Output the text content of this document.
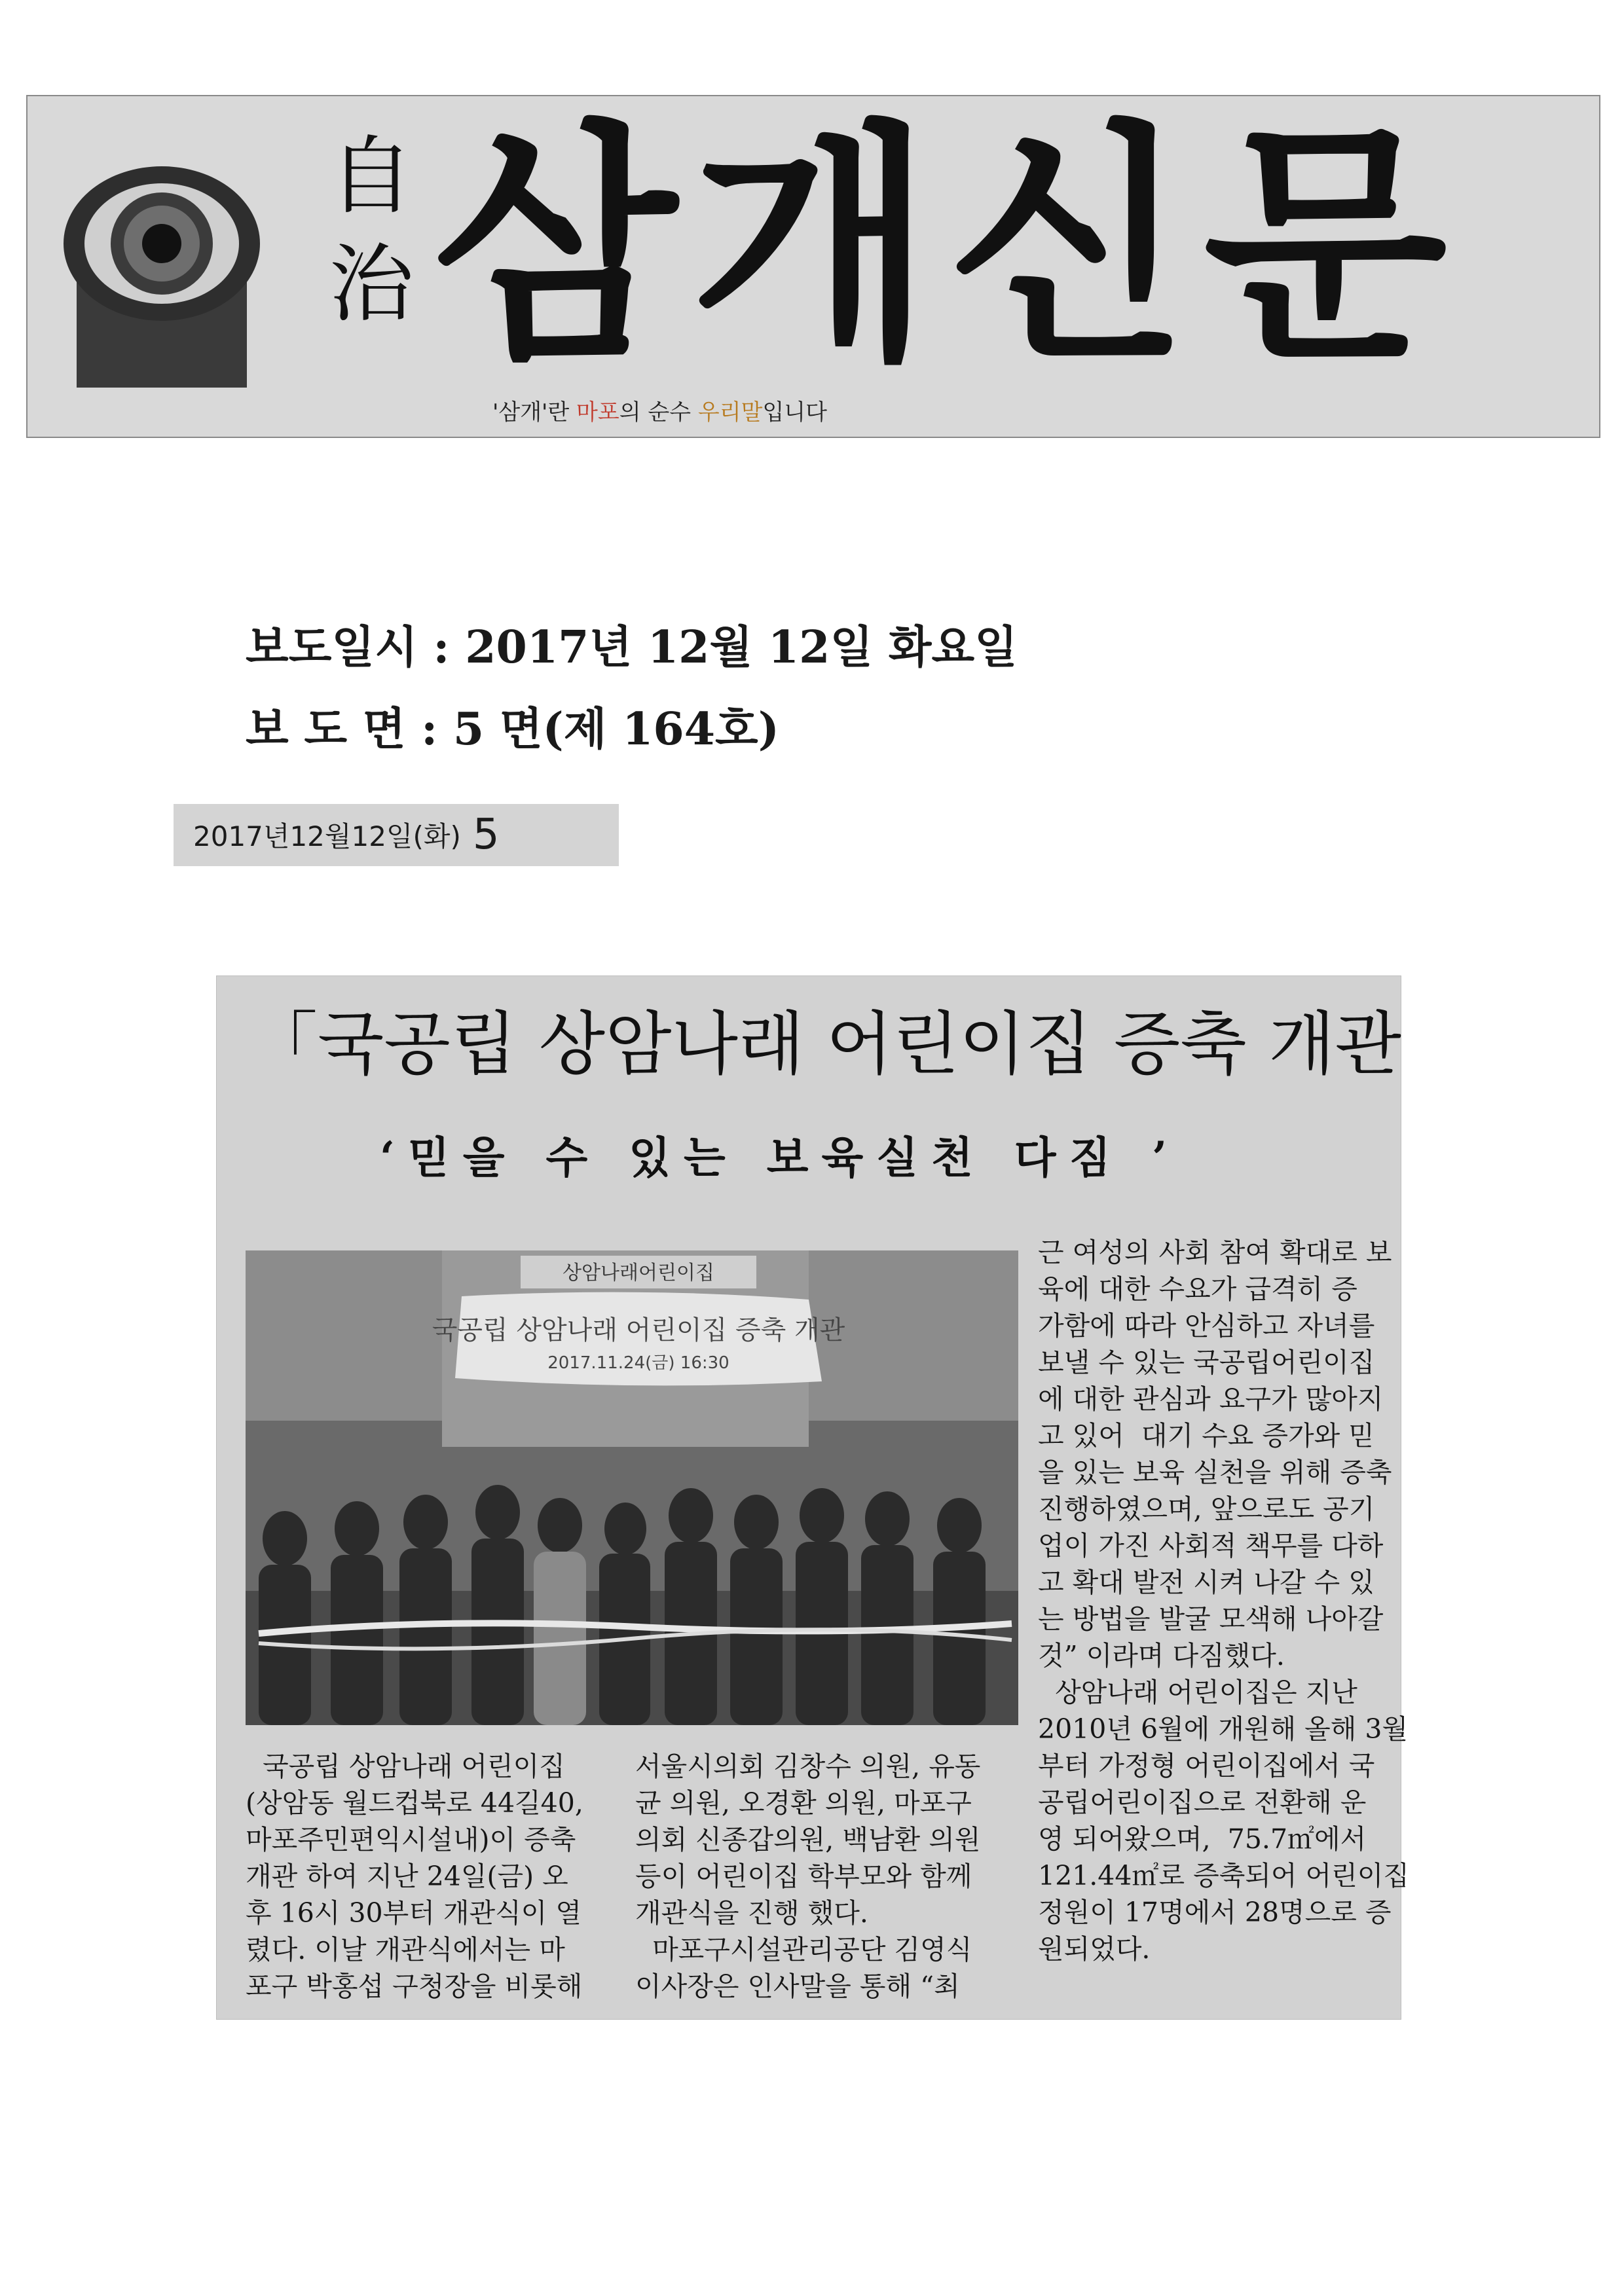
自
治 삼개신문
'삼개'란 마포의 순수 우리말입니다
보도일시 : 2017년 12월 12일 화요일
보 도 면 : 5 면(제 164호)
2017년12월12일(화) 5
「국공립 상암나래 어린이집 증축 개관
‘믿을 수 있는 보육실천 다짐 ’
상암나래어린이집
국공립 상암나래 어린이집 증축 개관
2017.11.24(금) 16:30
근 여성의 사회 참여 확대로 보
육에 대한 수요가 급격히 증
가함에 따라 안심하고 자녀를
보낼 수 있는 국공립어린이집
에 대한 관심과 요구가 많아지
고 있어  대기 수요 증가와 믿
을 있는 보육 실천을 위해 증축
진행하였으며, 앞으로도 공기
업이 가진 사회적 책무를 다하
고 확대 발전 시켜 나갈 수 있
는 방법을 발굴 모색해 나아갈
것” 이라며 다짐했다.
상암나래 어린이집은 지난
2010년 6월에 개원해 올해 3월
부터 가정형 어린이집에서 국
공립어린이집으로 전환해 운
영 되어왔으며,  75.7㎡에서
121.44㎡로 증축되어 어린이집
정원이 17명에서 28명으로 증
원되었다.
국공립 상암나래 어린이집
(상암동 월드컵북로 44길40,
마포주민편익시설내)이 증축
개관 하여 지난 24일(금) 오
후 16시 30부터 개관식이 열
렸다. 이날 개관식에서는 마
포구 박홍섭 구청장을 비롯해
서울시의회 김창수 의원, 유동
균 의원, 오경환 의원, 마포구
의회 신종갑의원, 백남환 의원
등이 어린이집 학부모와 함께
개관식을 진행 했다.
마포구시설관리공단 김영식
이사장은 인사말을 통해 “최
